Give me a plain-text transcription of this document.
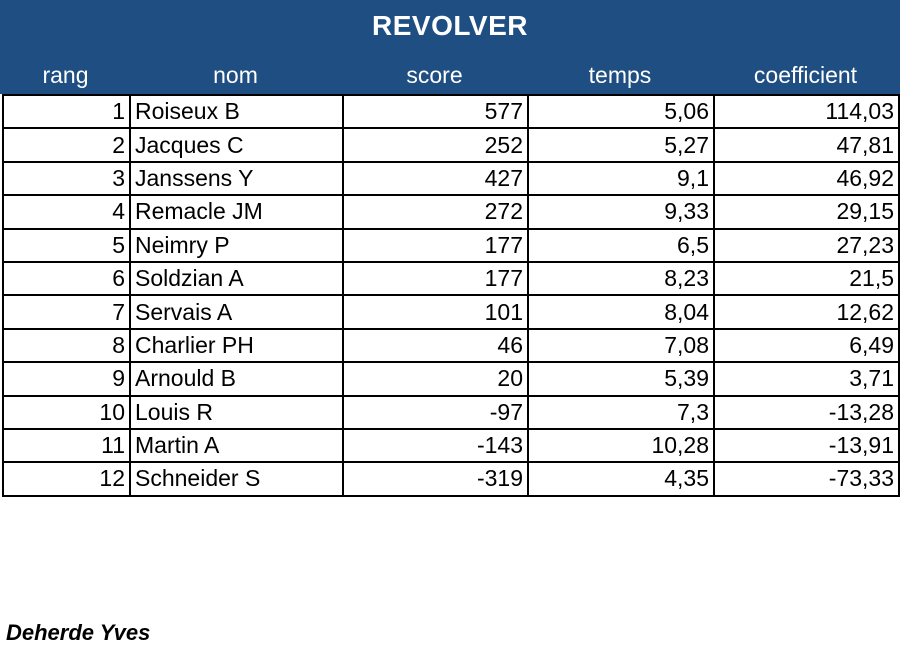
REVOLVER
rang	nom	score	temps	coefficient
1	Roiseux B	577	5,06	114,03
2	Jacques C	252	5,27	47,81
3	Janssens Y	427	9,1	46,92
4	Remacle JM	272	9,33	29,15
5	Neimry P	177	6,5	27,23
6	Soldzian A	177	8,23	21,5
7	Servais A	101	8,04	12,62
8	Charlier PH	46	7,08	6,49
9	Arnould B	20	5,39	3,71
10	Louis R	-97	7,3	-13,28
11	Martin A	-143	10,28	-13,91
12	Schneider S	-319	4,35	-73,33
Deherde Yves
